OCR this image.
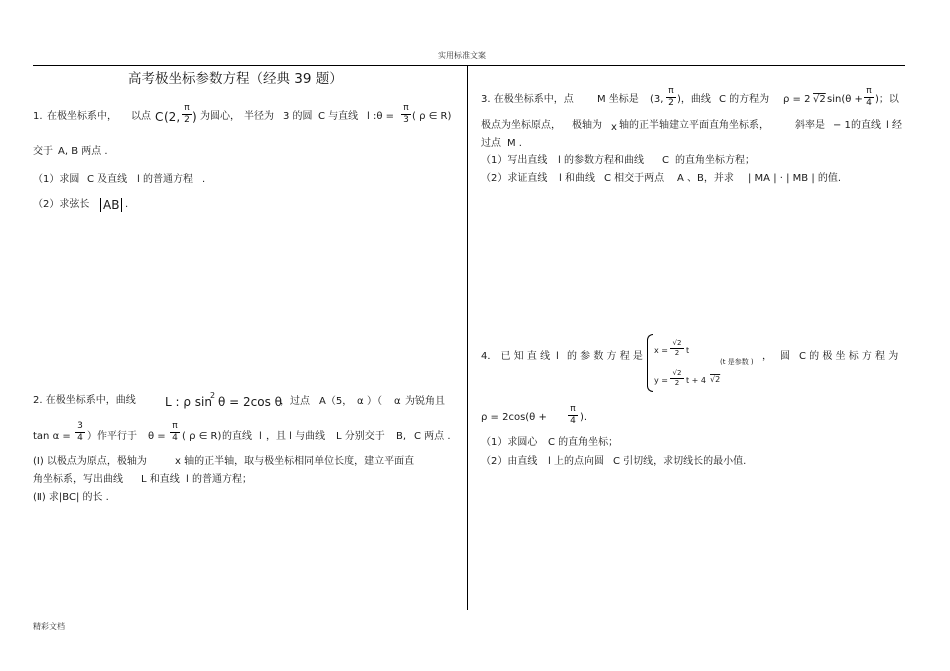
实用标准文案
精彩文档
高考极坐标参数方程（经典 39 题）
1. 在极坐标系中， 以点 C (2,
π
2 ) 为圆心， 半径为 3 的圆 C 与直线 l :θ =
π
3 ( ρ ∈ R)
交于 A, B 两点 .
（1）求圆 C 及直线 l 的普通方程 .
（2）求弦长 AB .
2. 在极坐标系中，曲线 L : ρ sin
2 θ = 2cos θ
，过点 A（5， α ）（ α 为锐角且
tan α =
3
4 ）作平行于 θ =
π
4 ( ρ ∈ R) 的直线 l ，且 l 与曲线 L 分别交于 B, C 两点 .
(Ⅰ) 以极点为原点，极轴为	x 轴的正半轴，取与极坐标相同单位长度，建立平面直
角坐标系，写出曲线 L 和直线 l 的普通方程；
(Ⅱ) 求|BC| 的长 .
3. 在极坐标系中，点 M 坐标是 (3,
π
2 )，曲线 C 的方程为 ρ = 2 √2 sin(θ +
π
4 )；以
极点为坐标原点， 极轴为 x 轴的正半轴建立平面直角坐标系，	斜率是 − 1 的直线 l 经
过点 M .
（1）写出直线 l 的参数方程和曲线 C 的直角坐标方程；
（2）求证直线 l 和曲线 C 相交于两点 A 、B，并求 | MA | · | MB | 的值.
4． 已 知 直 线 l 的 参 数 方 程 是
x =
√2
2 t
y =
√2
2 t + 4 √2
(t 是参数 ) ， 圆 C 的 极 坐 标 方 程 为
ρ = 2cos(θ +
π
4 ).
（1）求圆心 C 的直角坐标；
（2）由直线 l 上的点向圆 C 引切线，求切线长的最小值.
